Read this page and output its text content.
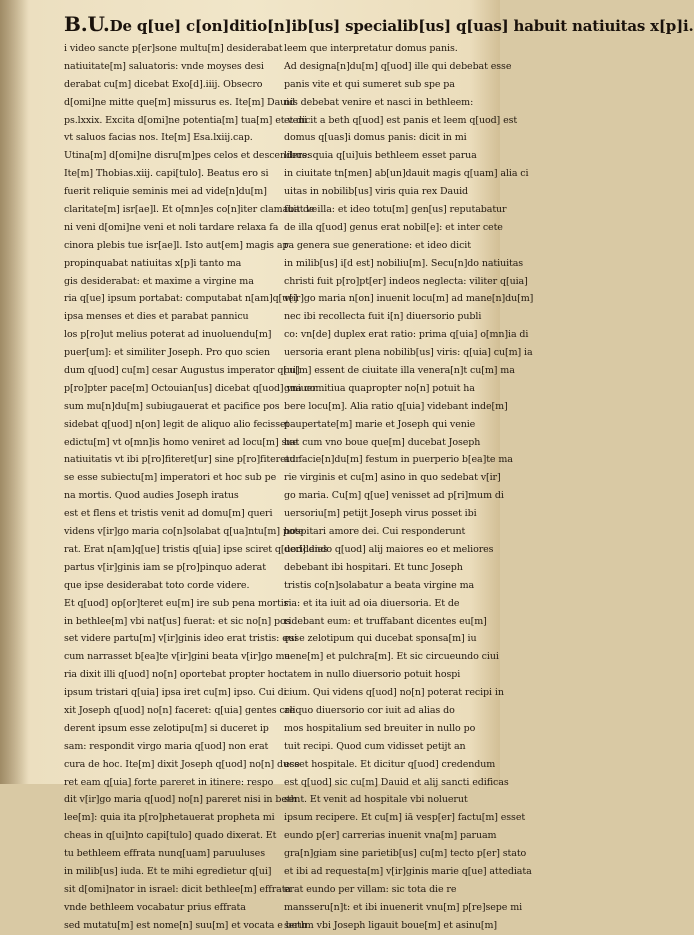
B.U.De q[ue] c[on]ditio[n]ib[us] specialib[us] q[uas] habuit natiuitas x[p]i.
i video sancte p[er]sone multu[m] desiderabat
natiuitate[m] saluatoris: vnde moyses desi
derabat cu[m] dicebat Exo[d].iiij. Obsecro
d[omi]ne mitte que[m] missurus es. Ite[m] Dauid
ps.lxxix. Excita d[omi]ne potentia[m] tua[m] et veni
vt saluos facias nos. Ite[m] Esa.lxiij.cap.
Utina[m] d[omi]ne disru[m]pes celos et descenderes
Ite[m] Thobias.xiij. capi[tulo]. Beatus ero si
fuerit reliquie seminis mei ad vide[n]du[m]
claritate[m] isr[ae]l. Et o[mn]es co[n]iter clamabat ve
ni veni d[omi]ne veni et noli tardare relaxa fa
cinora plebis tue isr[ae]l. Isto aut[em] magis ap
propinquabat natiuitas x[p]i tanto ma
gis desiderabat: et maxime a virgine ma
ria q[ue] ipsum portabat: computabat n[am]q[ue]
ipsa menses et dies et parabat pannicu
los p[ro]ut melius poterat ad inuoluendu[m]
puer[um]: et similiter Joseph. Pro quo scien
dum q[uod] cu[m] cesar Augustus imperator q[ui]
p[ro]pter pace[m] Octouian[us] dicebat q[uod] vniuer
sum mu[n]du[m] subiugauerat et pacifice pos
sidebat q[uod] n[on] legit de aliquo alio fecisset
edictu[m] vt o[mn]is homo veniret ad locu[m] sue
natiuitatis vt ibi p[ro]fiteret[ur] sine p[ro]fiteretur
se esse subiectu[m] imperatori et hoc sub pe
na mortis. Quod audies Joseph iratus
est et flens et tristis venit ad domu[m] queri
videns v[ir]go maria co[n]solabat q[ua]ntu[m] pote
rat. Erat n[am]q[ue] tristis q[uia] ipse sciret q[uod] dies
partus v[ir]ginis iam se p[ro]pinquo aderat
que ipse desiderabat toto corde videre.
Et q[uod] op[or]teret eu[m] ire sub pena mortis
in bethlee[m] vbi nat[us] fuerat: et sic no[n] pos
set videre partu[m] v[ir]ginis ideo erat tristis: qui
cum narrasset b[ea]te v[ir]gini beata v[ir]go ma
ria dixit illi q[uod] no[n] oportebat propter hoc
ipsum tristari q[uia] ipsa iret cu[m] ipso. Cui di
xit Joseph q[uod] no[n] faceret: q[uia] gentes cre
derent ipsum esse zelotipu[m] si duceret ip
sam: respondit virgo maria q[uod] non erat
cura de hoc. Ite[m] dixit Joseph q[uod] no[n] duce
ret eam q[uia] forte pareret in itinere: respo
dit v[ir]go maria q[uod] no[n] pareret nisi in beth
lee[m]: quia ita p[ro]phetauerat propheta mi
cheas in q[ui]nto capi[tulo] quado dixerat. Et
tu bethleem effrata nunq[uam] paruuluses
in milib[us] iuda. Et te mihi egredietur q[ui]
sit d[omi]nator in israel: dicit bethlee[m] effrata
vnde bethleem vocabatur prius effrata
sed mutatu[m] est nome[n] suu[m] et vocata e beth
leem que interpretatur domus panis.
Ad designa[n]du[m] q[uod] ille qui debebat esse
panis vite et qui sumeret sub spe pa
nis debebat venire et nasci in bethleem:
et dicit a beth q[uod] est panis et leem q[uod] est
domus q[uas]i domus panis: dicit in mi
libus: quia q[ui]uis bethleem esset parua
in ciuitate tn[men] ab[un]dauit magis q[uam] alia ci
uitas in nobilib[us] viris quia rex Dauid
fuit de illa: et ideo totu[m] gen[us] reputabatur
de illa q[uod] genus erat nobil[e]: et inter cete
ra genera sue generatione: et ideo dicit
in milib[us] i[d est] nobiliu[m]. Secu[n]do natiuitas
christi fuit p[ro]pt[er] indeos neglecta: viliter q[uia]
v[ir]go maria n[on] inuenit locu[m] ad mane[n]du[m]
nec ibi recollecta fuit i[n] diuersorio publi
co: vn[de] duplex erat ratio: prima q[uia] o[mn]ia di
uersoria erant plena nobilib[us] viris: q[uia] cu[m] ia
cu[m] essent de ciuitate illa venera[n]t cu[m] ma
gna comitiua quapropter no[n] potuit ha
bere locu[m]. Alia ratio q[uia] videbant inde[m]
paupertate[m] marie et Joseph qui venie
bat cum vno boue que[m] ducebat Joseph
ad facie[n]du[m] festum in puerperio b[ea]te ma
rie virginis et cu[m] asino in quo sedebat v[ir]
go maria. Cu[m] q[ue] venisset ad p[ri]mum di
uersoriu[m] petijt Joseph virus posset ibi
hospitari amore dei. Cui responderunt
deridendo q[uod] alij maiores eo et meliores
debebant ibi hospitari. Et tunc Joseph
tristis co[n]solabatur a beata virgine ma
ria: et ita iuit ad oia diuersoria. Et de
ridebant eum: et truffabant dicentes eu[m]
esse zelotipum qui ducebat sponsa[m] iu
uene[m] et pulchra[m]. Et sic circueundo ciui
tatem in nullo diuersorio potuit hospi
cium. Qui videns q[uod] no[n] poterat recipi in
aliquo diuersorio cor iuit ad alias do
mos hospitalium sed breuiter in nullo po
tuit recipi. Quod cum vidisset petijt an
esset hospitale. Et dicitur q[uod] credendum
est q[uod] sic cu[m] Dauid et alij sancti edificas
sent. Et venit ad hospitale vbi noluerut
ipsum recipere. Et cu[m] iā vesp[er] factu[m] esset
eundo p[er] carrerias inuenit vna[m] paruam
gra[n]giam sine parietib[us] cu[m] tecto p[er] stato
et ibi ad requesta[m] v[ir]ginis marie q[ue] attediata
erat eundo per villam: sic tota die re
mansseru[n]t: et ibi inuenerit vnu[m] p[re]sepe mi
serum vbi Joseph ligauit boue[m] et asinu[m]
